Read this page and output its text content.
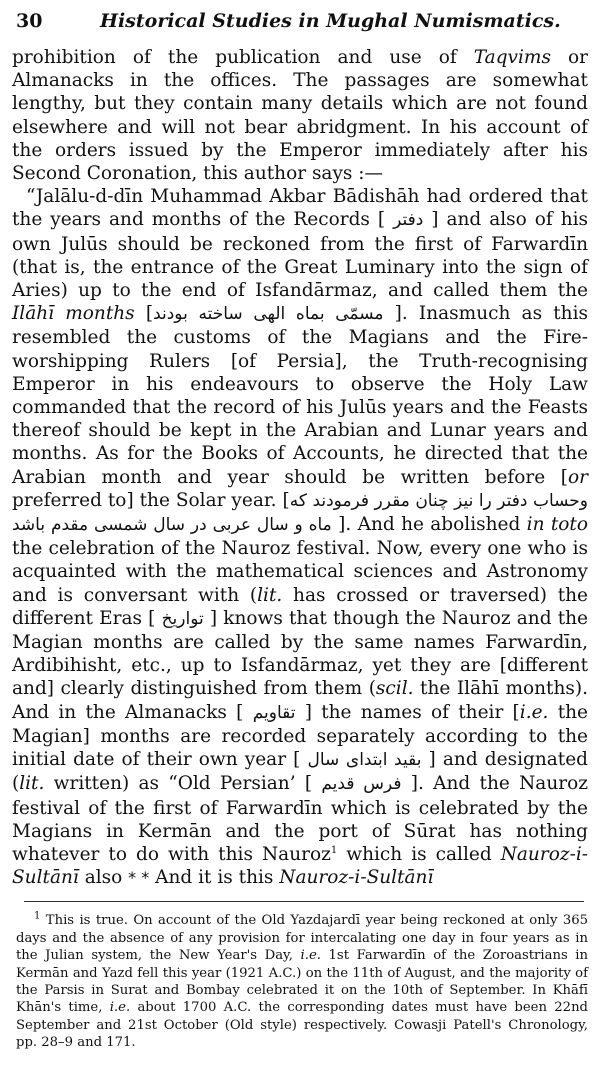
30	Historical Studies in Mughal Numismatics.

prohibition of the publication and use of Taqvims or Almanacks in the offices. The passages are somewhat lengthy, but they contain many details which are not found elsewhere and will not bear abridgment. In his account of the orders issued by the Emperor immediately after his Second Coronation, this author says :—

“Jalālu-d-dīn Muhammad Akbar Bādishāh had ordered that the years and months of the Records [ دفتر ] and also of his own Julūs should be reckoned from the first of Farwardīn (that is, the entrance of the Great Luminary into the sign of Aries) up to the end of Isfandārmaz, and called them the Ilāhī months [مسمّی بماه الهی ساخته بودند ]. Inasmuch as this resembled the customs of the Magians and the Fire-worshipping Rulers [of Persia], the Truth-recognising Emperor in his endeavours to observe the Holy Law commanded that the record of his Julūs years and the Feasts thereof should be kept in the Arabian and Lunar years and months. As for the Books of Accounts, he directed that the Arabian month and year should be written before [or preferred to] the Solar year. [وحساب دفتر را نیز چنان مقرر فرمودند که ماه و سال عربی در سال شمسی مقدم باشد ]. And he abolished in toto the celebration of the Nauroz festival. Now, every one who is acquainted with the mathematical sciences and Astronomy and is conversant with (lit. has crossed or traversed) the different Eras [ تواریخ ] knows that though the Nauroz and the Magian months are called by the same names Farwardīn, Ardibihisht, etc., up to Isfandārmaz, yet they are [different and] clearly distinguished from them (scil. the Ilāhī months). And in the Almanacks [ تقاویم ] the names of their [i.e. the Magian] months are recorded separately according to the initial date of their own year [ بقید ابتدای سال ] and designated (lit. written) as “Old Persian’ [ فرس قدیم ]. And the Nauroz festival of the first of Farwardīn which is celebrated by the Magians in Kermān and the port of Sūrat has nothing whatever to do with this Nauroz$^1$ which is called Nauroz-i-Sultānī also * * And it is this Nauroz-i-Sultānī

$^1$ This is true. On account of the Old Yazdajardī year being reckoned at only 365 days and the absence of any provision for intercalating one day in four years as in the Julian system, the New Year's Day, i.e. 1st Farwardīn of the Zoroastrians in Kermān and Yazd fell this year (1921 A.C.) on the 11th of August, and the majority of the Parsis in Surat and Bombay celebrated it on the 10th of September. In Khāfī Khān's time, i.e. about 1700 A.C. the corresponding dates must have been 22nd September and 21st October (Old style) respectively. Cowasji Patell's Chronology, pp. 28–9 and 171.
